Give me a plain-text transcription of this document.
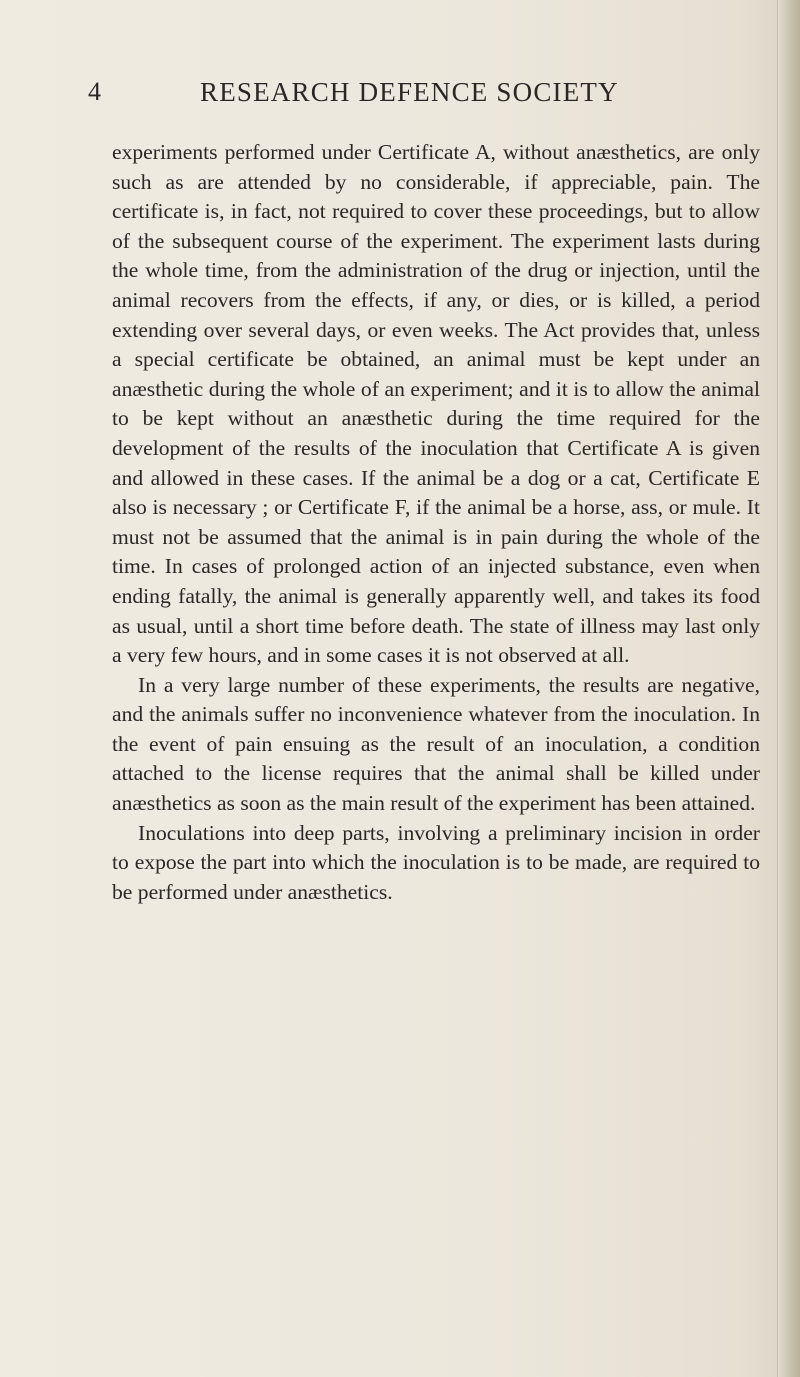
4	RESEARCH DEFENCE SOCIETY

experiments performed under Certificate A, without anæsthetics, are only such as are attended by no considerable, if appreciable, pain. The certificate is, in fact, not required to cover these proceedings, but to allow of the subsequent course of the experiment. The experiment lasts during the whole time, from the administration of the drug or injection, until the animal recovers from the effects, if any, or dies, or is killed, a period extending over several days, or even weeks. The Act provides that, unless a special certificate be obtained, an animal must be kept under an anæsthetic during the whole of an experiment; and it is to allow the animal to be kept without an anæsthetic during the time required for the development of the results of the inoculation that Certificate A is given and allowed in these cases. If the animal be a dog or a cat, Certificate E also is necessary ; or Certificate F, if the animal be a horse, ass, or mule. It must not be assumed that the animal is in pain during the whole of the time. In cases of prolonged action of an injected substance, even when ending fatally, the animal is generally apparently well, and takes its food as usual, until a short time before death. The state of illness may last only a very few hours, and in some cases it is not observed at all.

In a very large number of these experiments, the results are negative, and the animals suffer no inconvenience whatever from the inoculation. In the event of pain ensuing as the result of an inoculation, a condition attached to the license requires that the animal shall be killed under anæsthetics as soon as the main result of the experiment has been attained.

Inoculations into deep parts, involving a preliminary incision in order to expose the part into which the inoculation is to be made, are required to be performed under anæsthetics.
